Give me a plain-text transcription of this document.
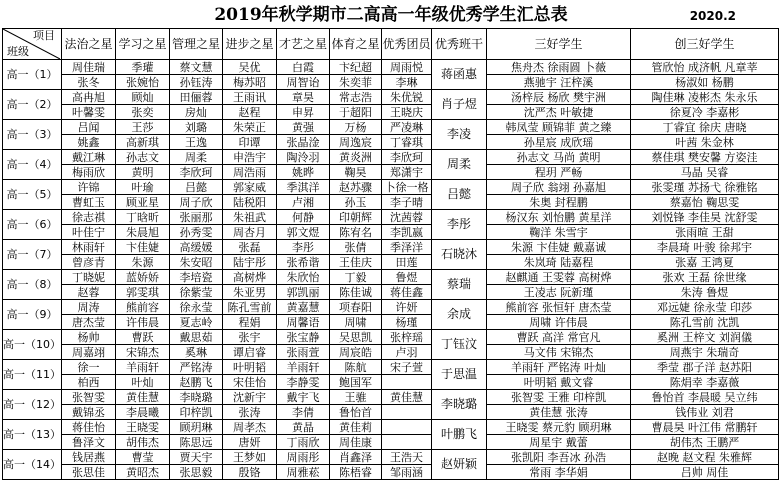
2019年秋学期市二高高一年级优秀学生汇总表	2020.2
项目
班级	法治之星	学习之星	管理之星	进步之星	才艺之星	体育之星	优秀团员	优秀班干	三好学生	创三好学生
高一（1）	周佳瑞	季瓘	蔡文慧	吴优	白霞	卞纪超	周雨悦	蒋函惠	焦舟杰 徐雨圆 卜薇	管欣怡 成济帆 凡章莘
	张冬	张婉怡	孙钰涛	梅苏昭	周智诒	朱奕菲	李琳		燕驰宇 汪梓溪	杨淑如 杨鹏
高一（2）	高冉旭	顾灿	田俪蓉	王雨讯	章昊	常志浩	朱优锐	肖子煜	汤梓辰 杨欣 樊宇洲	陶佳琳 凌彬杰 朱永乐
	叶馨雯	张奕	房灿	赵程	申昇	于超阳	王晓庆		沈严杰 叶敏捷	徐夏冷 李嘉彬
高一（3）	吕闻	王莎	刘璐	朱荣正	黄强	万杨	严凌琳	李凌	韩凤莹 顾锦菲 黄之臻	丁睿宜 徐庆 唐晓
	姚鑫	高新琪	王逸	印谭	张晶淦	周逸宸	丁睿琪		孙星宸 成欣瑶	叶茜 朱金林
高一（4）	戴江琳	孙志文	周柔	申浩宇	陶泠羽	黄炎洲	李欣珂	周柔	孙志文 马尚 黄明	蔡佳琪 樊安馨 方姿洼
	梅雨欣	黄明	李欣珂	周浩雨	姚晔	鞠昊	郑潇宇		程玥 严畅	马晶 吴睿
高一（5）	许锦	叶瑜	吕懿	郭家威	季淇洋	赵苏骤	卜徐一格	吕懿	周子欣 翁翊 孙嘉旭	张雯瑾 苏扬弋 徐雅铭
	曹虹玉	顾亚星	周子欣	陆税阳	卢湘	孙玉	李子晴		朱奥 封程鹏	蔡嘉怡 鞠思雯
高一（6）	徐志祺	丁晗昕	张丽那	朱祖武	何静	印朝辉	沈茜蓉	李彤	杨汉东 刘怡鹏 黄星洋	刘悦锋 李佳昊 沈舒雯
	叶佳宁	朱晨旭	孙秀雯	周杏月	郭文煜	陈宥名	李凯嬴		鞠洋 朱雪宇	张雨暄 王甜
高一（7）	林雨轩	卞佳婕	高缓媛	张磊	李彤	张倩	季泽洋	石晓沐	朱源 卞佳婕 戴嘉诚	李晨琦 叶骏 徐邦宇
	曾彦青	朱源	朱安昭	陆宇彤	张希谐	王佳庆	田莲		朱岚琦 陆嘉程	张嘉 王鸿夏
高一（8）	丁晓妮	蓝娇娇	李培瓷	高树烨	朱欣怡	丁毅	鲁煜	蔡瑞	赵麒通 王雯蓉 高树烨	张欢 王磊 徐世缘
	赵蓉	郭雯琪	徐紫莹	朱亚男	郭凯丽	陈佳诚	蒋佳鑫		王凌志 阮新瑾	朱涛 鲁煜
高一（9）	周涛	熊前容	徐永莹	陈孔雪前	黄嘉慧	项春阳	许妍	余成	熊前容 张恒轩 唐杰莹	邓远婕 徐永莹 印莎
	唐杰莹	许伟晨	夏志岭	程娟	周馨语	周啸	杨瑾		周啸 许伟晨	陈孔雪前 沈凯
高一（10）	杨帅	曹跃	戴思茹	张宇	张宝静	吴思凯	张梓瑶	丁钰汶	曹跃 高洋 常官凡	奚洲 王梓文 刘润儀
	周嘉翊	宋锦杰	奚琳	谭启睿	张雨萱	周宸皓	卢羽		马文伟 宋锦杰	周燕宇 朱瑞奇
高一（11）	徐一	羊雨轩	严铭涛	叶明韬	羊雨轩	陈航	宋子萱	于思温	羊雨轩 严铭涛 叶灿	季莹 郡子洋 赵苏阳
	柏西	叶灿	赵鹏飞	宋佳怡	李静雯	鲍国军			叶明韬 戴文睿	陈焆幸 李嘉薇
高一（12）	张智雯	黄佳慧	李晓璐	沈新宇	戴宇飞	王骓	黄佳慧	李晓璐	张智雯 王雅 印梓凯	鲁怡首 李晨暖 吴立纬
	戴锦丞	李晨曦	印梓凯	张涛	李倩	鲁怡首			黄佳慧 张涛	钱伟业 刘君
高一（13）	蒋佳怡	王晓雯	顾玥琳	周孝杰	黄晶	黄佳莉		叶鹏飞	王晓雯 蔡元豹 顾玥琳	曹晨昊 叶江伟 常鹏轩
	鲁泽文	胡伟杰	陈思远	唐妍	丁雨欣	周佳康			周星宇 戴蕾	胡伟杰 王鹏严
高一（14）	钱居燕	曹莹	贾天宇	王梦如	周雨彤	肖鑫泽	王浩天	赵妍颖	张凯阳 李吾冰 孙浩	赵晚 赵文程 朱雅辉
	张思佳	黄昭杰	张思毅	殷铬	周雅菘	陈梧睿	邹雨涵		常雨 李华娟	吕帅 周佳
